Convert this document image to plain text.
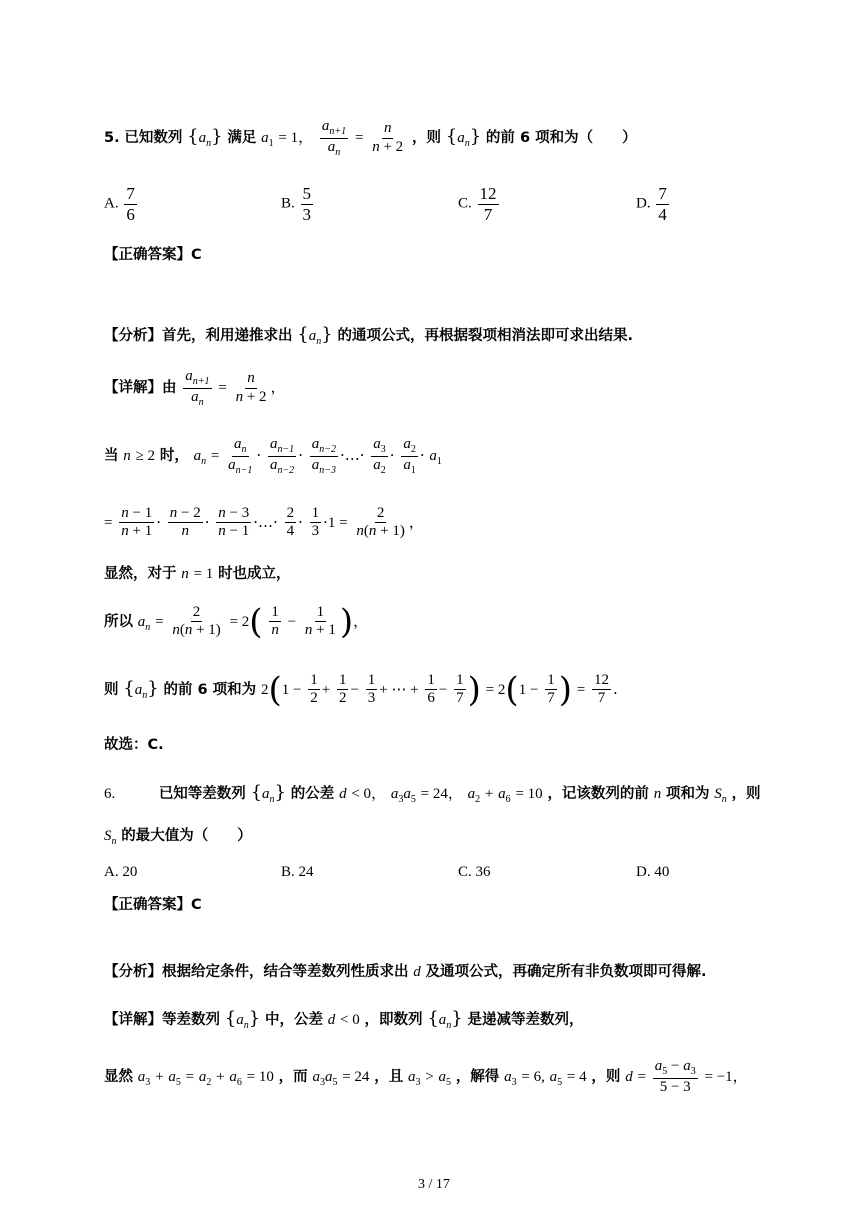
5. 已知数列 $\{a_n\}$ 满足 $a_1 = 1$， $\frac{a_{n+1}}{a_n} = \frac{n}{n + 2}$ ，则 $\{a_n\}$ 的前 6 项和为（　　）
A. $\frac{7}{6}$	B. $\frac{5}{3}$	C. $\frac{12}{7}$	D. $\frac{7}{4}$
【正确答案】C
【分析】首先，利用递推求出 $\{a_n\}$ 的通项公式，再根据裂项相消法即可求出结果.
【详解】由 $\frac{a_{n+1}}{a_n} = \frac{n}{n + 2}$ ，
当 n ≥ 2 时， $a_n = \frac{a_n}{a_{n-1}} \cdot \frac{a_{n-1}}{a_{n-2}} \cdot \frac{a_{n-2}}{a_{n-3}}$ ·…· $\frac{a_3}{a_2} \cdot \frac{a_2}{a_1} \cdot a_1$
= $\frac{n - 1}{n + 1} \cdot \frac{n - 2}{n} \cdot \frac{n - 3}{n - 1}$ ·…· $\frac{2}{4} \cdot \frac{1}{3} \cdot 1 = \frac{2}{n(n + 1)}$ ，
显然，对于 n = 1 时也成立，
所以 $a_n = \frac{2}{n(n + 1)} = 2( \frac{1}{n} - \frac{1}{n + 1}$ )，
则 $\{a_n\}$ 的前 6 项和为 $2(1 - \frac{1}{2} + \frac{1}{2} - \frac{1}{3}$ + ⋯ + $\frac{1}{6} - \frac{1}{7}$ ) = $2(1 - \frac{1}{7}$ ) = $\frac{12}{7}$ .
故选：C.
6.	已知等差数列 $\{a_n\}$ 的公差 d < 0， $a_3a_5 = 24$， $a_2 + a_6 = 10$ ，记该数列的前 n 项和为 $S_n$ ，则
$S_n$ 的最大值为（　　）
A. 20	B. 24	C. 36	D. 40
【正确答案】C
【分析】根据给定条件，结合等差数列性质求出 d 及通项公式，再确定所有非负数项即可得解.
【详解】等差数列 $\{a_n\}$ 中，公差 d < 0 ，即数列 $\{a_n\}$ 是递减等差数列，
显然 $a_3 + a_5 = a_2 + a_6 = 10$ ，而 $a_3a_5 = 24$ ，且 $a_3 > a_5$ ，解得 $a_3 = 6$, $a_5 = 4$ ，则 $d = \frac{a_5 - a_3}{5 - 3} = -1$，
3 / 17
